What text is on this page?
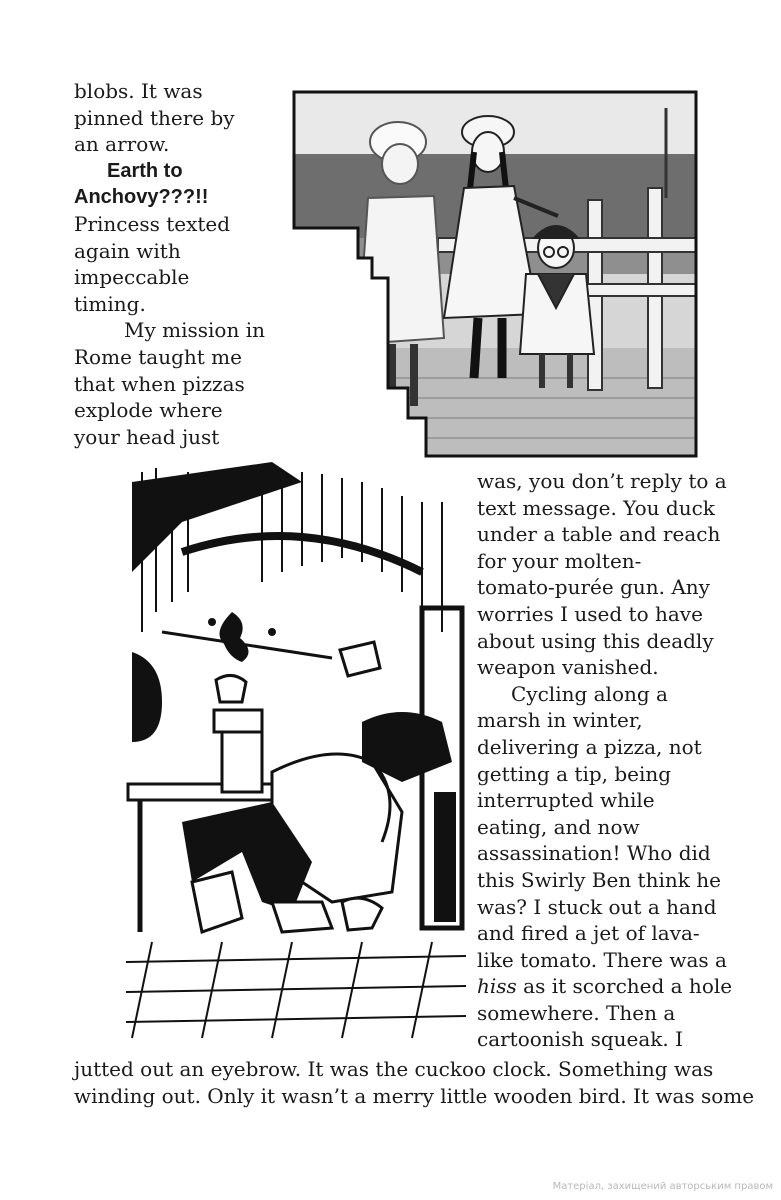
blobs. It was
pinned there by
an arrow.
Earth to
Anchovy???!!
Princess texted
again with
impeccable
timing.
My mission in
Rome taught me
that when pizzas
explode where
your head just
was, you don’t reply to a
text message. You duck
under a table and reach
for your molten-
tomato-purée gun. Any
worries I used to have
about using this deadly
weapon vanished.
Cycling along a
marsh in winter,
delivering a pizza, not
getting a tip, being
interrupted while
eating, and now
assassination! Who did
this Swirly Ben think he
was? I stuck out a hand
and fired a jet of lava-
like tomato. There was a
hiss as it scorched a hole
somewhere. Then a
cartoonish squeak. I
jutted out an eyebrow. It was the cuckoo clock. Something was
winding out. Only it wasn’t a merry little wooden bird. It was some
Матеріал, захищений авторським правом
